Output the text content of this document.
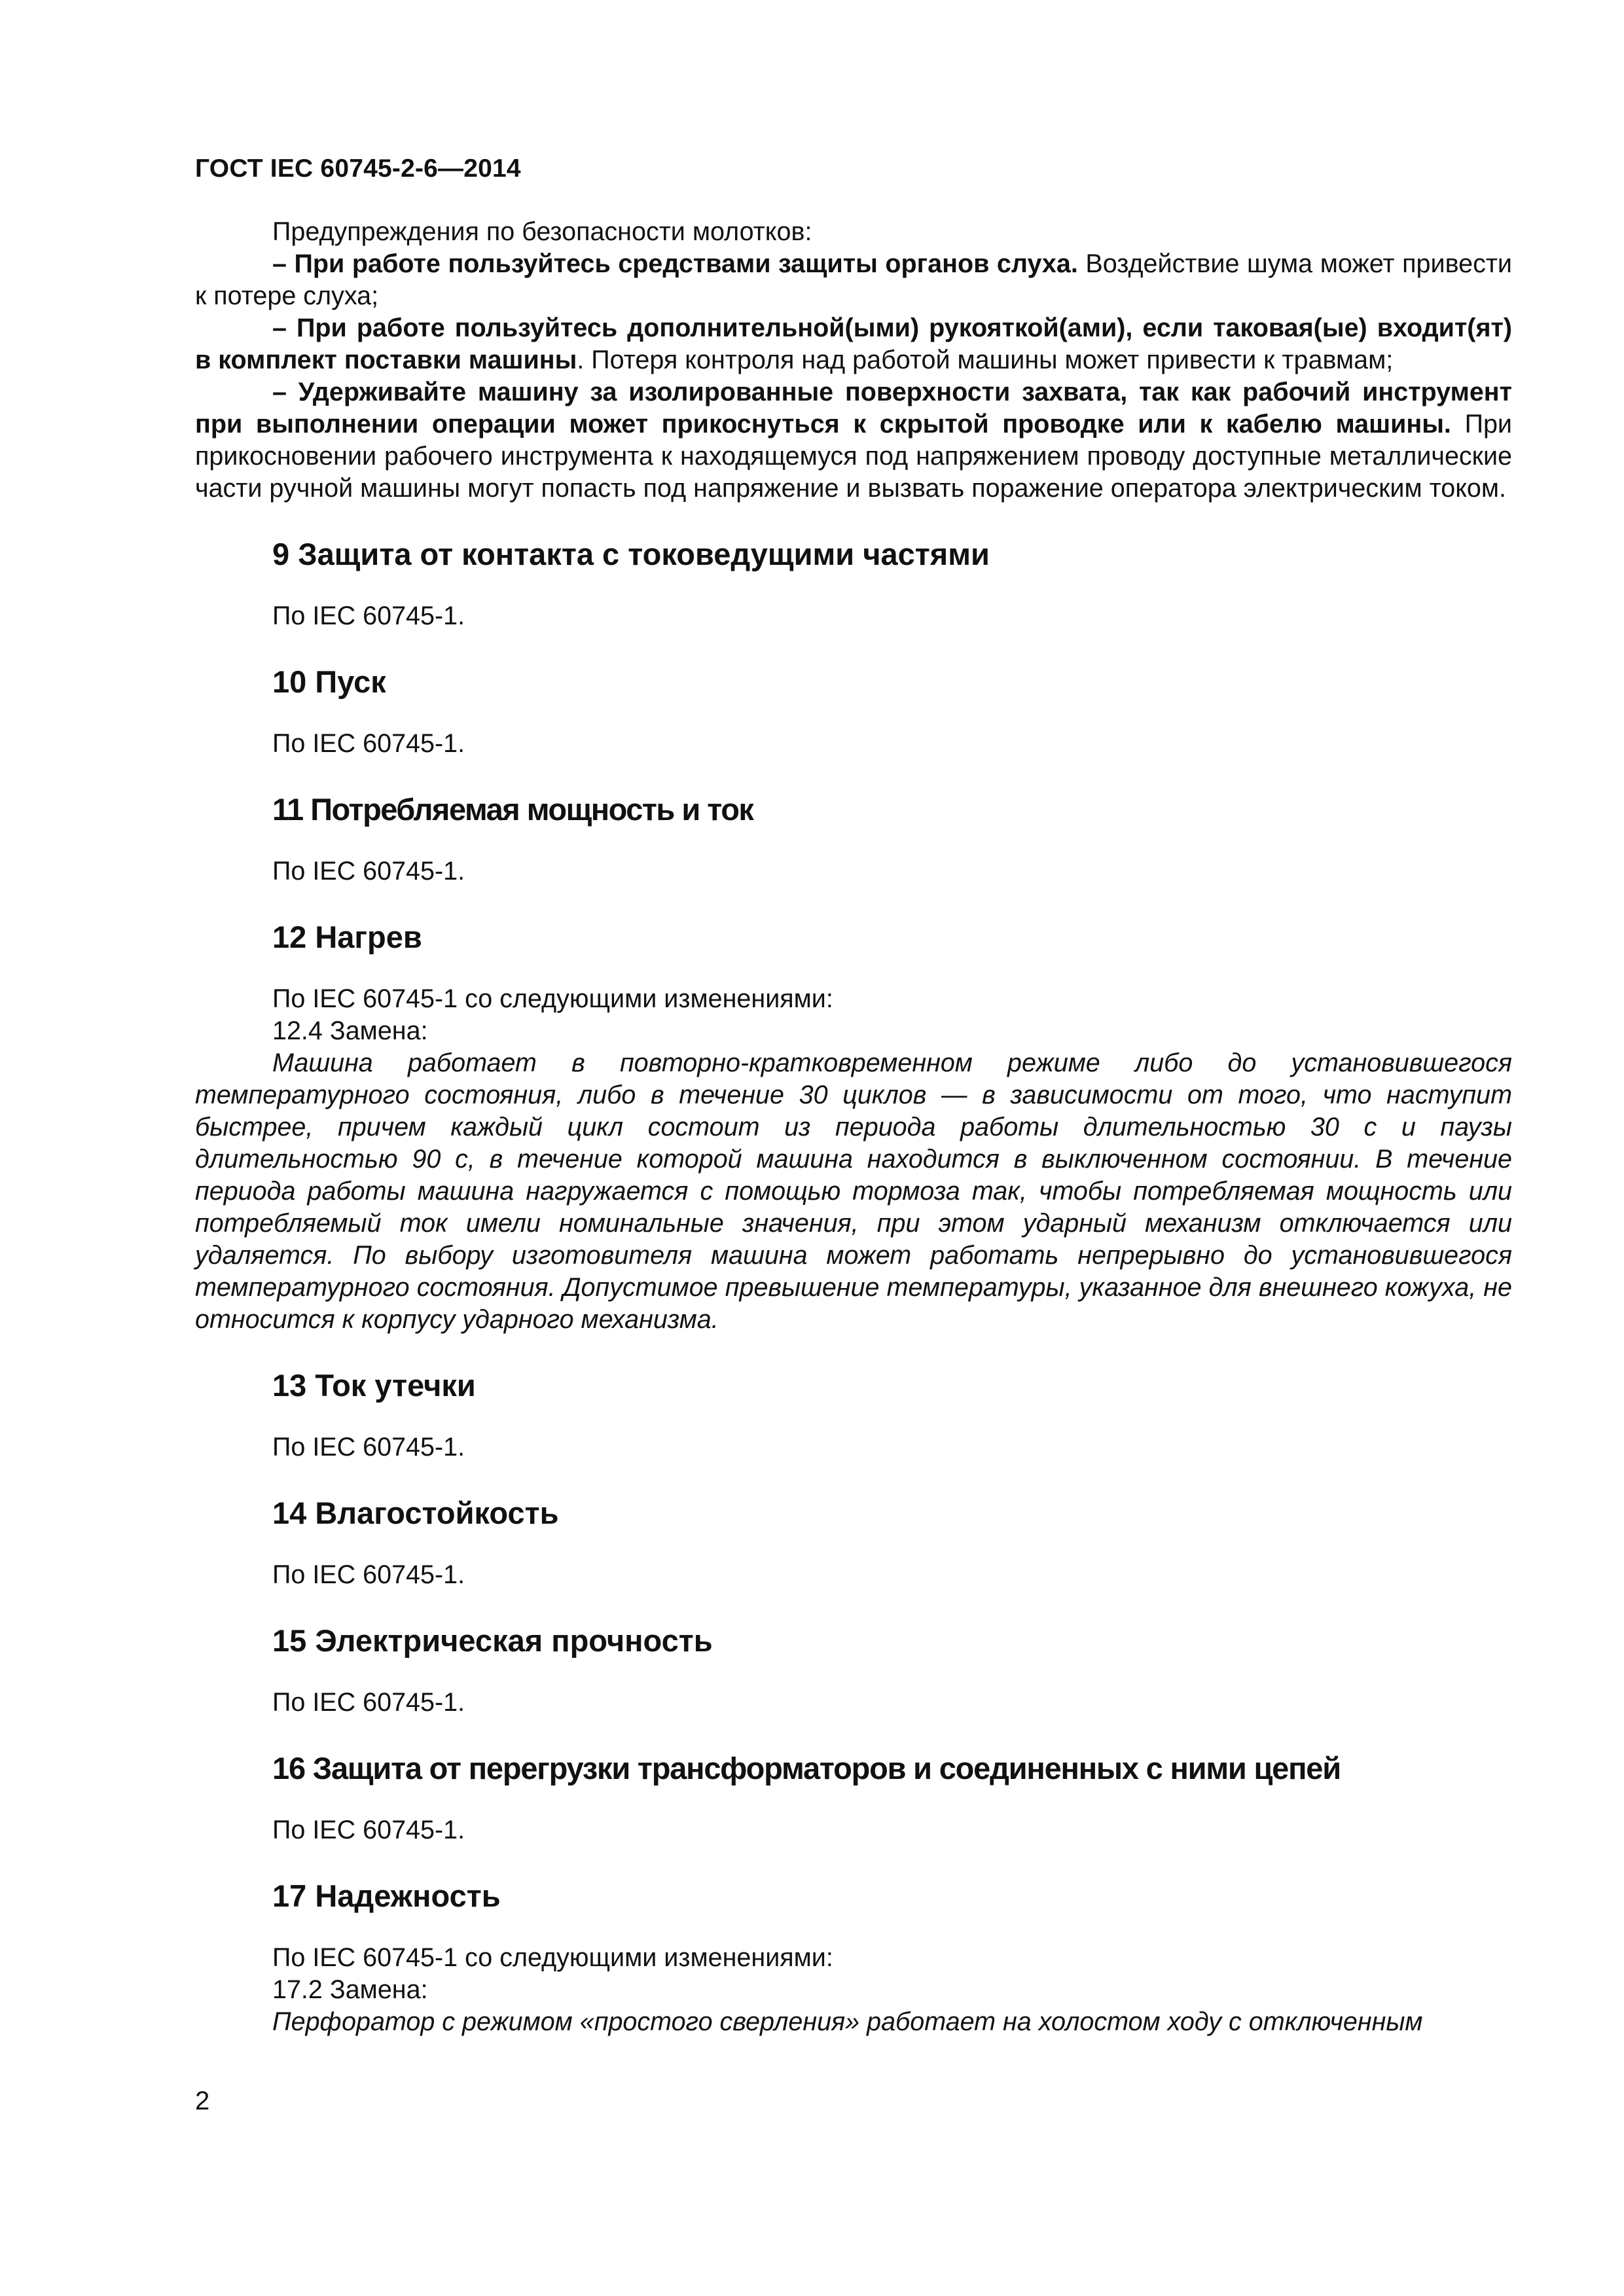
ГОСТ IEC 60745-2-6—2014

Предупреждения по безопасности молотков:

– При работе пользуйтесь средствами защиты органов слуха. Воздействие шума может привести к потере слуха;

– При работе пользуйтесь дополнительной(ыми) рукояткой(ами), если таковая(ые) входит(ят) в комплект поставки машины. Потеря контроля над работой машины может привести к травмам;

– Удерживайте машину за изолированные поверхности захвата, так как рабочий инструмент при выполнении операции может прикоснуться к скрытой проводке или к кабелю машины. При прикосновении рабочего инструмента к находящемуся под напряжением проводу доступные металлические части ручной машины могут попасть под напряжение и вызвать поражение оператора электрическим током.

9 Защита от контакта с токоведущими частями

По IEC 60745-1.

10 Пуск

По IEC 60745-1.

11 Потребляемая мощность и ток

По IEC 60745-1.

12 Нагрев

По IEC 60745-1 со следующими изменениями:

12.4 Замена:

Машина работает в повторно-кратковременном режиме либо до установившегося температурного состояния, либо в течение 30 циклов — в зависимости от того, что наступит быстрее, причем каждый цикл состоит из периода работы длительностью 30 с и паузы длительностью 90 с, в течение которой машина находится в выключенном состоянии. В течение периода работы машина нагружается с помощью тормоза так, чтобы потребляемая мощность или потребляемый ток имели номинальные значения, при этом ударный механизм отключается или удаляется. По выбору изготовителя машина может работать непрерывно до установившегося температурного состояния. Допустимое превышение температуры, указанное для внешнего кожуха, не относится к корпусу ударного механизма.

13 Ток утечки

По IEC 60745-1.

14 Влагостойкость

По IEC 60745-1.

15 Электрическая прочность

По IEC 60745-1.

16 Защита от перегрузки трансформаторов и соединенных с ними цепей

По IEC 60745-1.

17 Надежность

По IEC 60745-1 со следующими изменениями:

17.2 Замена:

Перфоратор с режимом «простого сверления» работает на холостом ходу с отключенным

2
